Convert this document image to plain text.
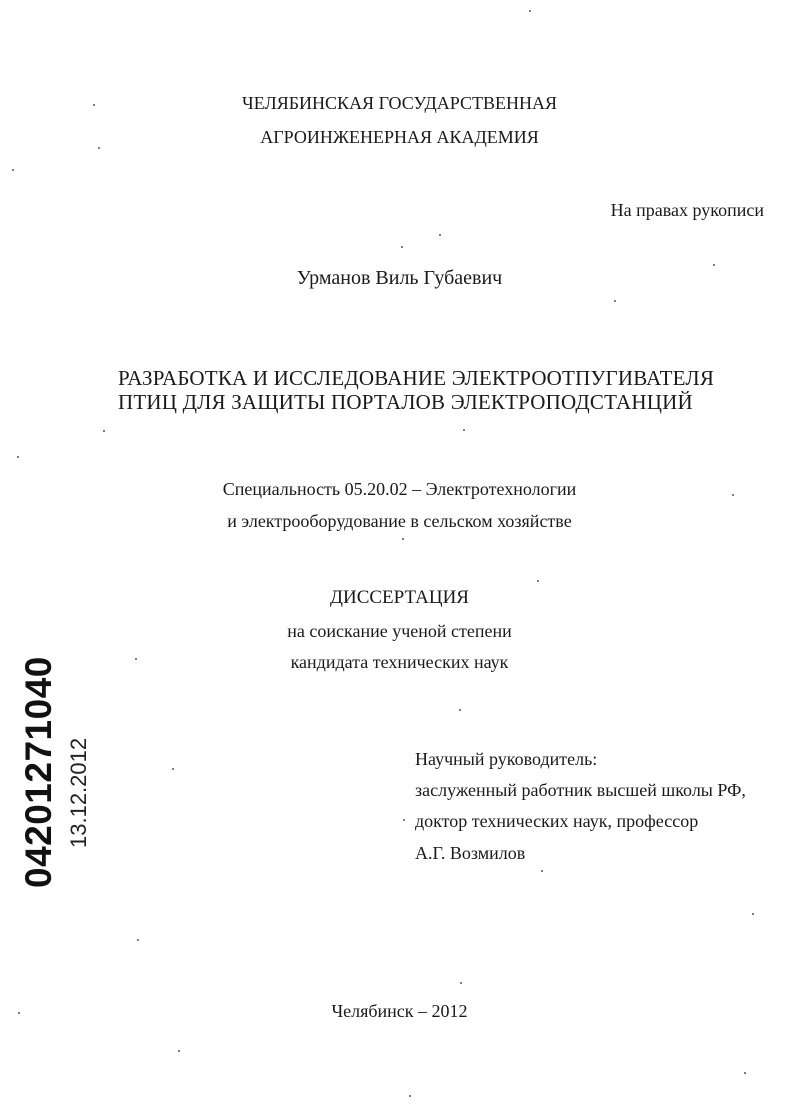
ЧЕЛЯБИНСКАЯ ГОСУДАРСТВЕННАЯ
АГРОИНЖЕНЕРНАЯ АКАДЕМИЯ
На правах рукописи
Урманов Виль Губаевич
РАЗРАБОТКА И ИССЛЕДОВАНИЕ ЭЛЕКТРООТПУГИВАТЕЛЯ
ПТИЦ ДЛЯ ЗАЩИТЫ ПОРТАЛОВ ЭЛЕКТРОПОДСТАНЦИЙ
Специальность 05.20.02 – Электротехнологии
и электрооборудование в сельском хозяйстве
ДИССЕРТАЦИЯ
на соискание ученой степени
кандидата технических наук
Научный руководитель:
заслуженный работник высшей школы РФ,
доктор технических наук, профессор
А.Г. Возмилов
Челябинск – 2012
04201271040 13.12.2012
